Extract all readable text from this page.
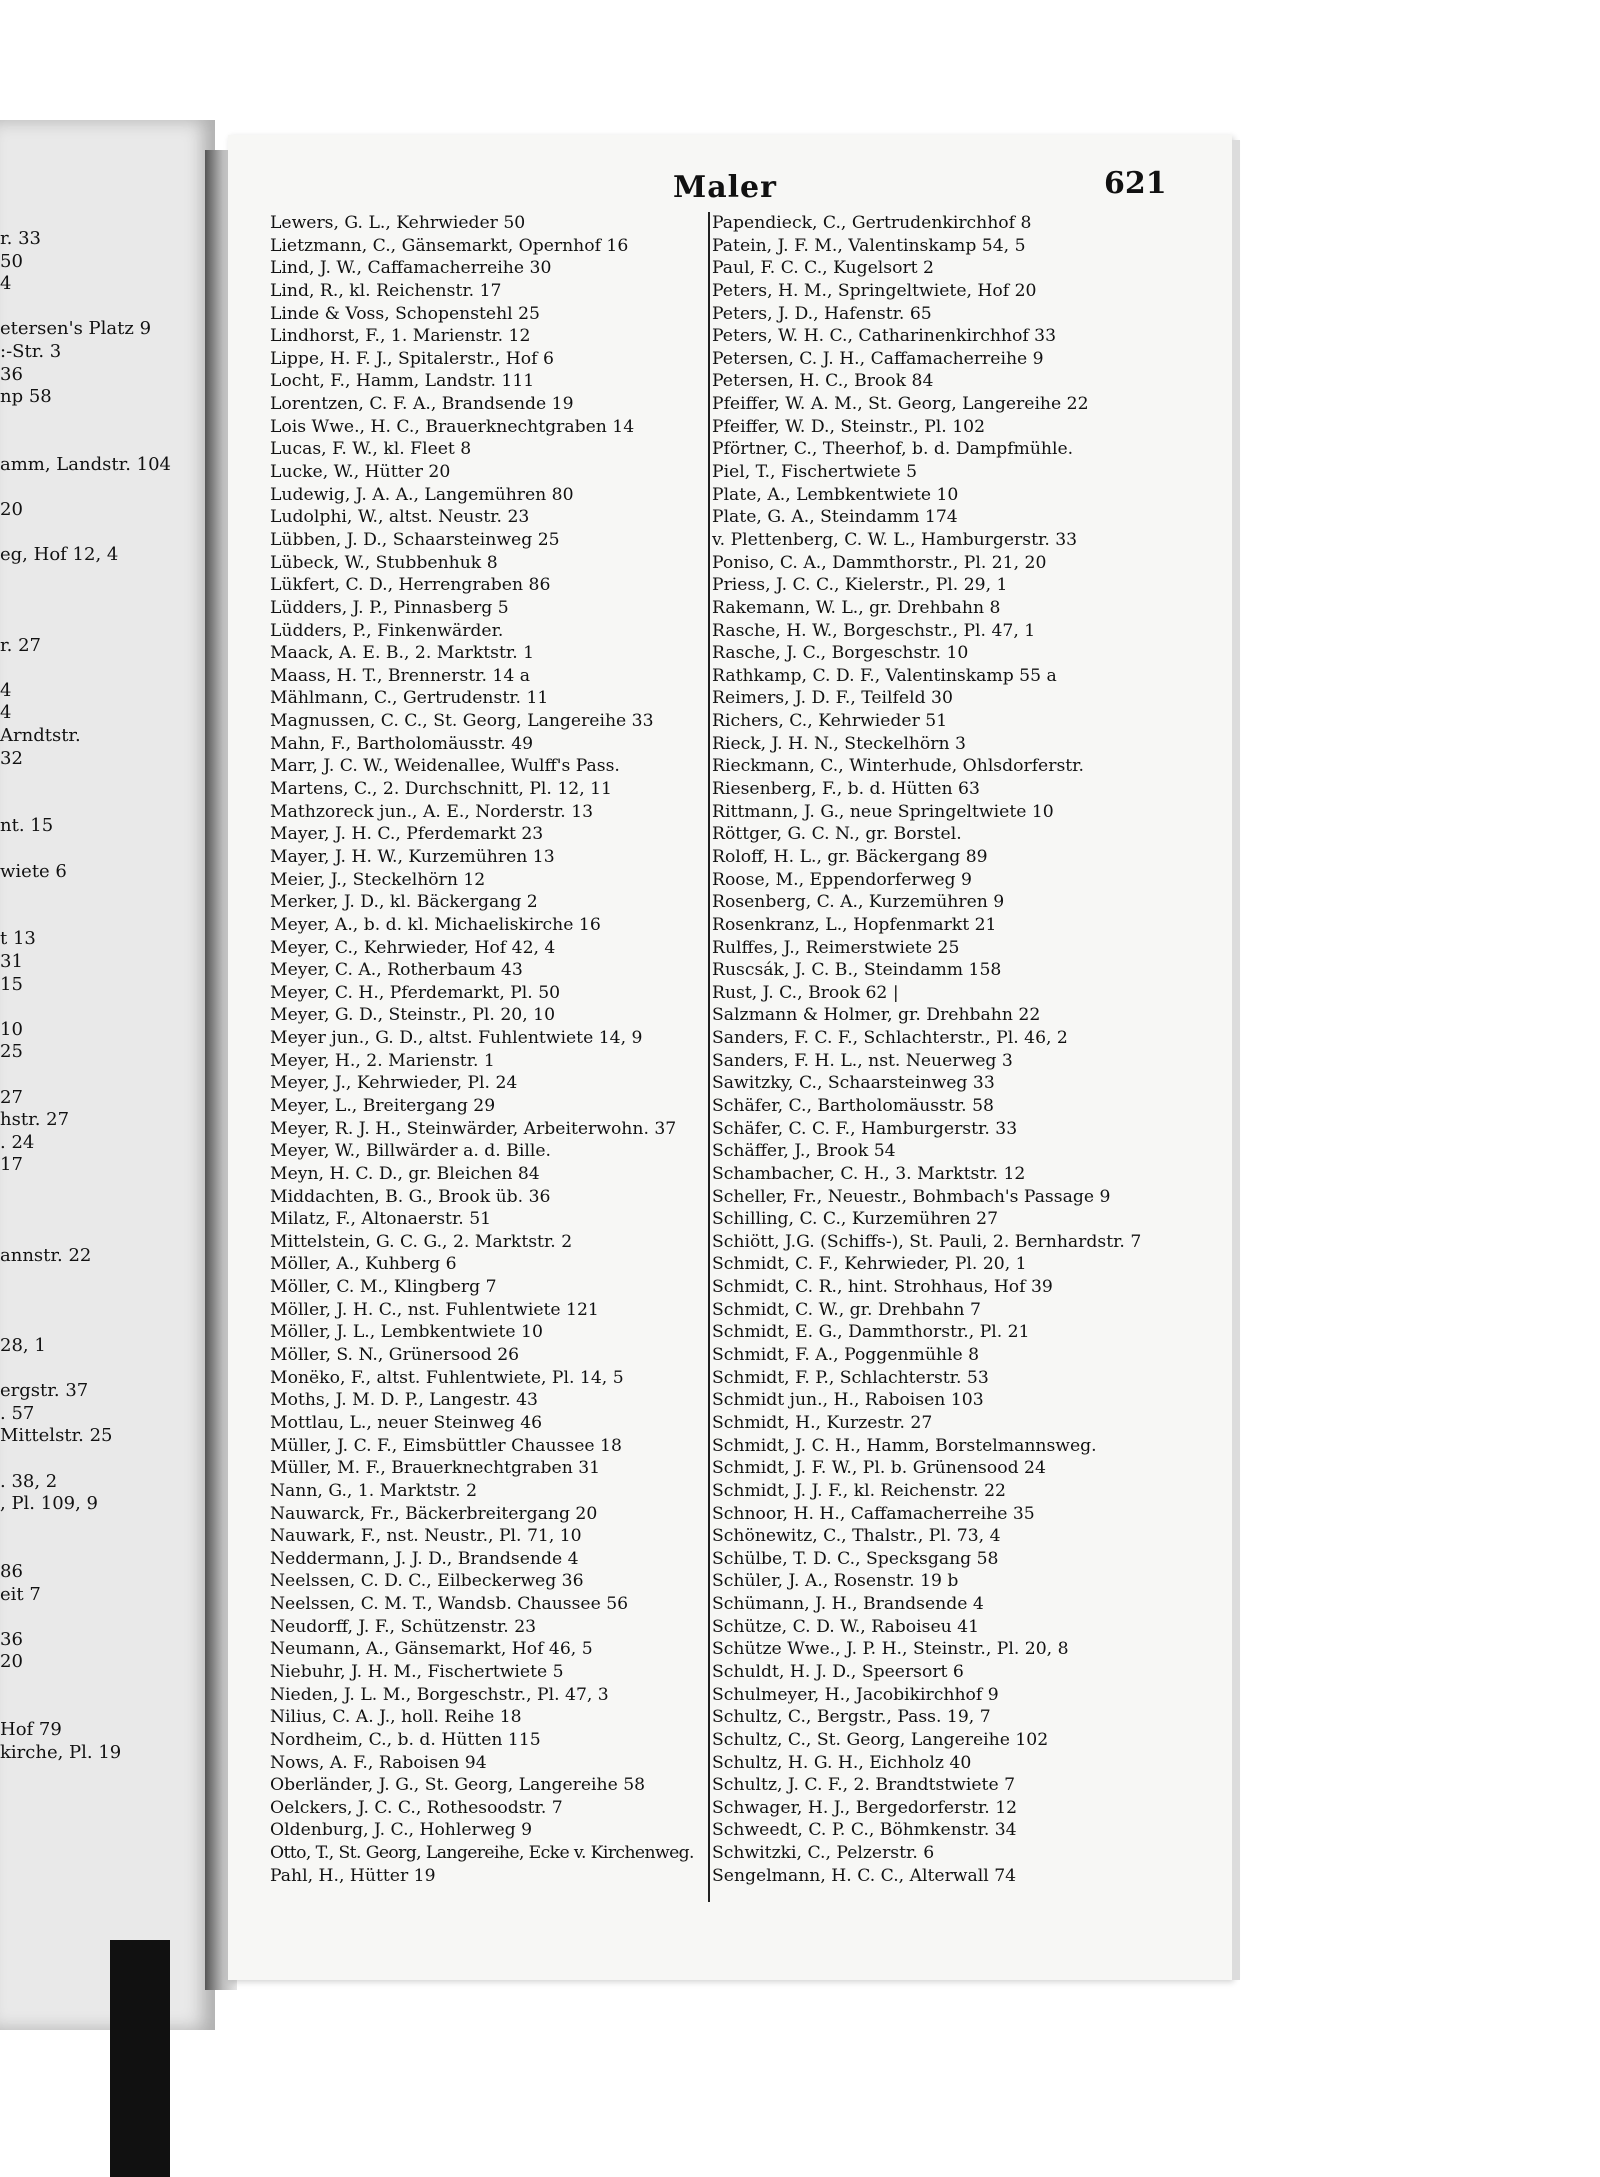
r. 33
50
4
etersen's Platz 9
:-Str. 3
36
np 58
amm, Landstr. 104
20
eg, Hof 12, 4
r. 27
4
4
Arndtstr.
32
nt. 15
wiete 6
t 13
31
15
10
25
27
hstr. 27
. 24
17
annstr. 22
28, 1
ergstr. 37
. 57
Mittelstr. 25
. 38, 2
, Pl. 109, 9
86
eit 7
36
20
Hof 79
kirche, Pl. 19
Maler	621
Lewers, G. L., Kehrwieder 50
Lietzmann, C., Gänsemarkt, Opernhof 16
Lind, J. W., Caffamacherreihe 30
Lind, R., kl. Reichenstr. 17
Linde & Voss, Schopenstehl 25
Lindhorst, F., 1. Marienstr. 12
Lippe, H. F. J., Spitalerstr., Hof 6
Locht, F., Hamm, Landstr. 111
Lorentzen, C. F. A., Brandsende 19
Lois Wwe., H. C., Brauerknechtgraben 14
Lucas, F. W., kl. Fleet 8
Lucke, W., Hütter 20
Ludewig, J. A. A., Langemühren 80
Ludolphi, W., altst. Neustr. 23
Lübben, J. D., Schaarsteinweg 25
Lübeck, W., Stubbenhuk 8
Lükfert, C. D., Herrengraben 86
Lüdders, J. P., Pinnasberg 5
Lüdders, P., Finkenwärder.
Maack, A. E. B., 2. Marktstr. 1
Maass, H. T., Brennerstr. 14 a
Mählmann, C., Gertrudenstr. 11
Magnussen, C. C., St. Georg, Langereihe 33
Mahn, F., Bartholomäusstr. 49
Marr, J. C. W., Weidenallee, Wulff's Pass.
Martens, C., 2. Durchschnitt, Pl. 12, 11
Mathzoreck jun., A. E., Norderstr. 13
Mayer, J. H. C., Pferdemarkt 23
Mayer, J. H. W., Kurzemühren 13
Meier, J., Steckelhörn 12
Merker, J. D., kl. Bäckergang 2
Meyer, A., b. d. kl. Michaeliskirche 16
Meyer, C., Kehrwieder, Hof 42, 4
Meyer, C. A., Rotherbaum 43
Meyer, C. H., Pferdemarkt, Pl. 50
Meyer, G. D., Steinstr., Pl. 20, 10
Meyer jun., G. D., altst. Fuhlentwiete 14, 9
Meyer, H., 2. Marienstr. 1
Meyer, J., Kehrwieder, Pl. 24
Meyer, L., Breitergang 29
Meyer, R. J. H., Steinwärder, Arbeiterwohn. 37
Meyer, W., Billwärder a. d. Bille.
Meyn, H. C. D., gr. Bleichen 84
Middachten, B. G., Brook üb. 36
Milatz, F., Altonaerstr. 51
Mittelstein, G. C. G., 2. Marktstr. 2
Möller, A., Kuhberg 6
Möller, C. M., Klingberg 7
Möller, J. H. C., nst. Fuhlentwiete 121
Möller, J. L., Lembkentwiete 10
Möller, S. N., Grünersood 26
Monëko, F., altst. Fuhlentwiete, Pl. 14, 5
Moths, J. M. D. P., Langestr. 43
Mottlau, L., neuer Steinweg 46
Müller, J. C. F., Eimsbüttler Chaussee 18
Müller, M. F., Brauerknechtgraben 31
Nann, G., 1. Marktstr. 2
Nauwarck, Fr., Bäckerbreitergang 20
Nauwark, F., nst. Neustr., Pl. 71, 10
Neddermann, J. J. D., Brandsende 4
Neelssen, C. D. C., Eilbeckerweg 36
Neelssen, C. M. T., Wandsb. Chaussee 56
Neudorff, J. F., Schützenstr. 23
Neumann, A., Gänsemarkt, Hof 46, 5
Niebuhr, J. H. M., Fischertwiete 5
Nieden, J. L. M., Borgeschstr., Pl. 47, 3
Nilius, C. A. J., holl. Reihe 18
Nordheim, C., b. d. Hütten 115
Nows, A. F., Raboisen 94
Oberländer, J. G., St. Georg, Langereihe 58
Oelckers, J. C. C., Rothesoodstr. 7
Oldenburg, J. C., Hohlerweg 9
Otto, T., St. Georg, Langereihe, Ecke v. Kirchenweg.
Pahl, H., Hütter 19
Papendieck, C., Gertrudenkirchhof 8
Patein, J. F. M., Valentinskamp 54, 5
Paul, F. C. C., Kugelsort 2
Peters, H. M., Springeltwiete, Hof 20
Peters, J. D., Hafenstr. 65
Peters, W. H. C., Catharinenkirchhof 33
Petersen, C. J. H., Caffamacherreihe 9
Petersen, H. C., Brook 84
Pfeiffer, W. A. M., St. Georg, Langereihe 22
Pfeiffer, W. D., Steinstr., Pl. 102
Pförtner, C., Theerhof, b. d. Dampfmühle.
Piel, T., Fischertwiete 5
Plate, A., Lembkentwiete 10
Plate, G. A., Steindamm 174
v. Plettenberg, C. W. L., Hamburgerstr. 33
Poniso, C. A., Dammthorstr., Pl. 21, 20
Priess, J. C. C., Kielerstr., Pl. 29, 1
Rakemann, W. L., gr. Drehbahn 8
Rasche, H. W., Borgeschstr., Pl. 47, 1
Rasche, J. C., Borgeschstr. 10
Rathkamp, C. D. F., Valentinskamp 55 a
Reimers, J. D. F., Teilfeld 30
Richers, C., Kehrwieder 51
Rieck, J. H. N., Steckelhörn 3
Rieckmann, C., Winterhude, Ohlsdorferstr.
Riesenberg, F., b. d. Hütten 63
Rittmann, J. G., neue Springeltwiete 10
Röttger, G. C. N., gr. Borstel.
Roloff, H. L., gr. Bäckergang 89
Roose, M., Eppendorferweg 9
Rosenberg, C. A., Kurzemühren 9
Rosenkranz, L., Hopfenmarkt 21
Rulffes, J., Reimerstwiete 25
Ruscsák, J. C. B., Steindamm 158
Rust, J. C., Brook 62 |
Salzmann & Holmer, gr. Drehbahn 22
Sanders, F. C. F., Schlachterstr., Pl. 46, 2
Sanders, F. H. L., nst. Neuerweg 3
Sawitzky, C., Schaarsteinweg 33
Schäfer, C., Bartholomäusstr. 58
Schäfer, C. C. F., Hamburgerstr. 33
Schäffer, J., Brook 54
Schambacher, C. H., 3. Marktstr. 12
Scheller, Fr., Neuestr., Bohmbach's Passage 9
Schilling, C. C., Kurzemühren 27
Schiött, J.G. (Schiffs-), St. Pauli, 2. Bernhardstr. 7
Schmidt, C. F., Kehrwieder, Pl. 20, 1
Schmidt, C. R., hint. Strohhaus, Hof 39
Schmidt, C. W., gr. Drehbahn 7
Schmidt, E. G., Dammthorstr., Pl. 21
Schmidt, F. A., Poggenmühle 8
Schmidt, F. P., Schlachterstr. 53
Schmidt jun., H., Raboisen 103
Schmidt, H., Kurzestr. 27
Schmidt, J. C. H., Hamm, Borstelmannsweg.
Schmidt, J. F. W., Pl. b. Grünensood 24
Schmidt, J. J. F., kl. Reichenstr. 22
Schnoor, H. H., Caffamacherreihe 35
Schönewitz, C., Thalstr., Pl. 73, 4
Schülbe, T. D. C., Specksgang 58
Schüler, J. A., Rosenstr. 19 b
Schümann, J. H., Brandsende 4
Schütze, C. D. W., Raboiseu 41
Schütze Wwe., J. P. H., Steinstr., Pl. 20, 8
Schuldt, H. J. D., Speersort 6
Schulmeyer, H., Jacobikirchhof 9
Schultz, C., Bergstr., Pass. 19, 7
Schultz, C., St. Georg, Langereihe 102
Schultz, H. G. H., Eichholz 40
Schultz, J. C. F., 2. Brandtstwiete 7
Schwager, H. J., Bergedorferstr. 12
Schweedt, C. P. C., Böhmkenstr. 34
Schwitzki, C., Pelzerstr. 6
Sengelmann, H. C. C., Alterwall 74
